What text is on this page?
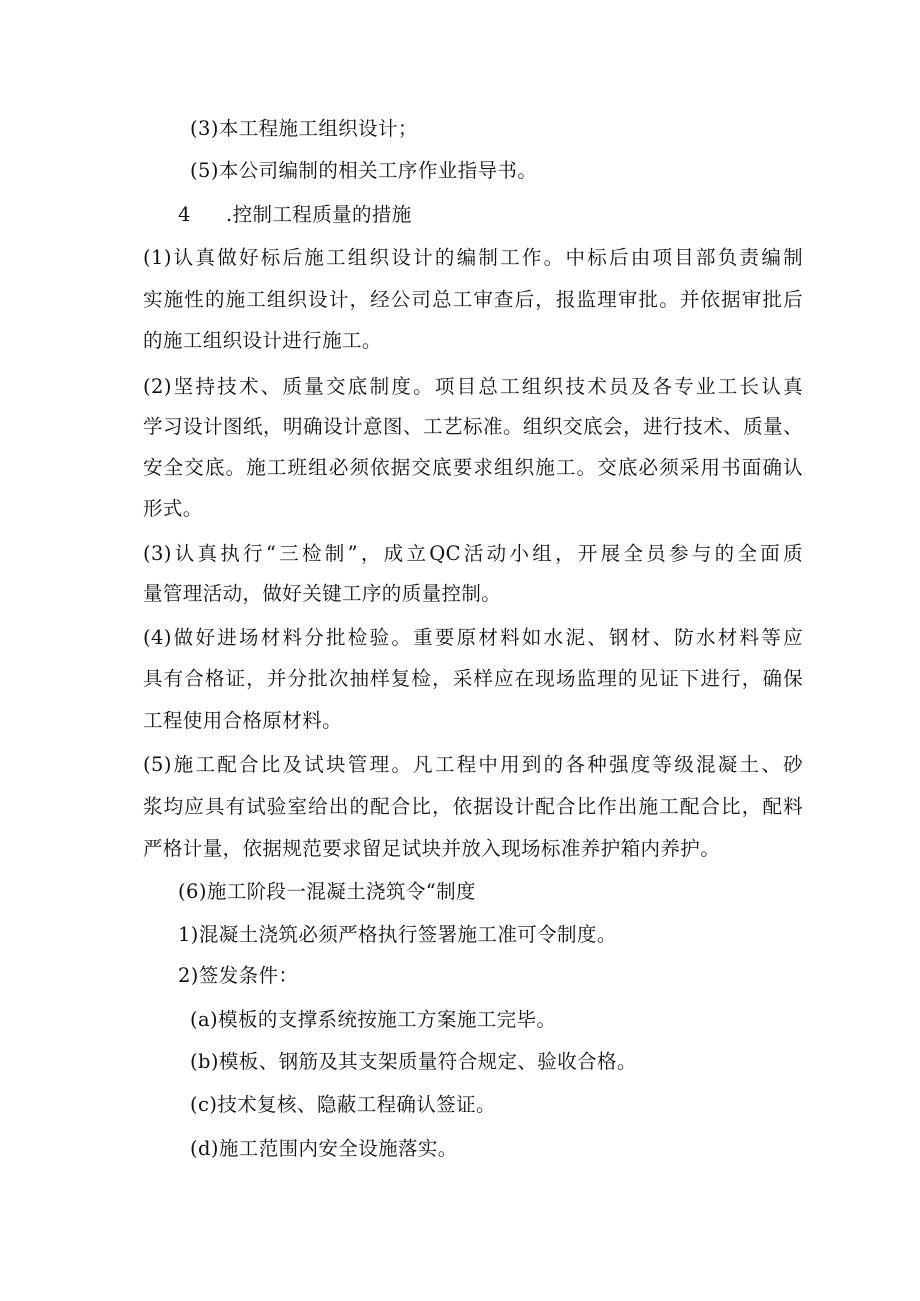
(3)本工程施工组织设计；
(5)本公司编制的相关工序作业指导书。
4 .控制工程质量的措施
(1)认真做好标后施工组织设计的编制工作。中标后由项目部负责编制
实施性的施工组织设计，经公司总工审查后，报监理审批。并依据审批后
的施工组织设计进行施工。
(2)坚持技术、质量交底制度。项目总工组织技术员及各专业工长认真
学习设计图纸，明确设计意图、工艺标准。组织交底会，进行技术、质量、
安全交底。施工班组必须依据交底要求组织施工。交底必须采用书面确认
形式。
(3)认真执行“三检制”，成立QC活动小组，开展全员参与的全面质
量管理活动，做好关键工序的质量控制。
(4)做好进场材料分批检验。重要原材料如水泥、钢材、防水材料等应
具有合格证，并分批次抽样复检，采样应在现场监理的见证下进行，确保
工程使用合格原材料。
(5)施工配合比及试块管理。凡工程中用到的各种强度等级混凝土、砂
浆均应具有试验室给出的配合比，依据设计配合比作出施工配合比，配料
严格计量，依据规范要求留足试块并放入现场标准养护箱内养护。
(6)施工阶段一混凝土浇筑令“制度
1)混凝土浇筑必须严格执行签署施工准可令制度。
2)签发条件：
(a)模板的支撑系统按施工方案施工完毕。
(b)模板、钢筋及其支架质量符合规定、验收合格。
(c)技术复核、隐蔽工程确认签证。
(d)施工范围内安全设施落实。
